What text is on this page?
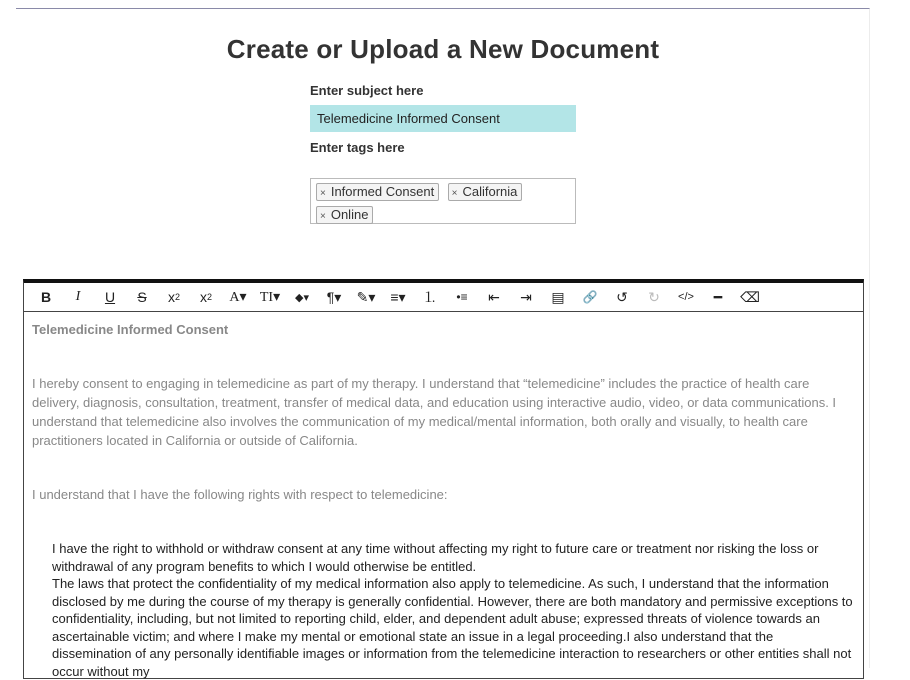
Create or Upload a New Document
Enter subject here
Telemedicine Informed Consent
Enter tags here
× Informed Consent × California × Online
B	I	U	S	x 2 x 2	A▾ TI▾	◆▾	¶▾	✎▾	≡▾	⒈	•≡	⇤	⇥	▤	🔗	↺	↻	</>	━	⌫

Telemedicine Informed Consent

I hereby consent to engaging in telemedicine as part of my therapy. I understand that “telemedicine” includes the practice of health care delivery, diagnosis, consultation, treatment, transfer of medical data, and education using interactive audio, video, or data communications. I understand that telemedicine also involves the communication of my medical/mental information, both orally and visually, to health care practitioners located in California or outside of California.

I understand that I have the following rights with respect to telemedicine:

I have the right to withhold or withdraw consent at any time without affecting my right to future care or treatment nor risking the loss or withdrawal of any program benefits to which I would otherwise be entitled.

The laws that protect the confidentiality of my medical information also apply to telemedicine. As such, I understand that the information disclosed by me during the course of my therapy is generally confidential. However, there are both mandatory and permissive exceptions to confidentiality, including, but not limited to reporting child, elder, and dependent adult abuse; expressed threats of violence towards an ascertainable victim; and where I make my mental or emotional state an issue in a legal proceeding.I also understand that the dissemination of any personally identifiable images or information from the telemedicine interaction to researchers or other entities shall not occur without my
